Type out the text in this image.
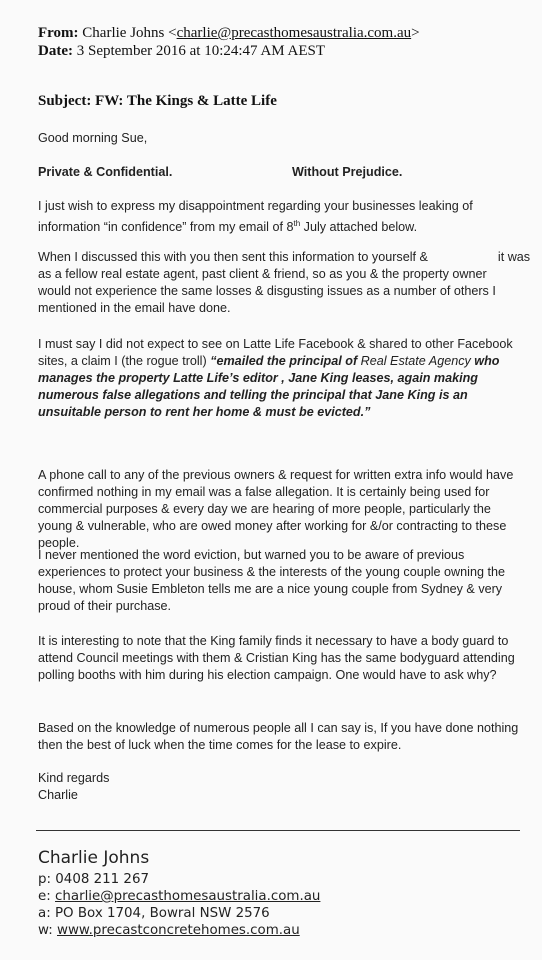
From: Charlie Johns <charlie@precasthomesaustralia.com.au>
Date: 3 September 2016 at 10:24:47 AM AEST
Subject: FW: The Kings & Latte Life
Good morning Sue,
Private & Confidential.	Without Prejudice.
I just wish to express my disappointment regarding your businesses leaking of
information “in confidence” from my email of 8th July attached below.
When I discussed this with you then sent this information to yourself &	it was
as a fellow real estate agent, past client & friend, so as you & the property owner would not experience the same losses & disgusting issues as a number of others I mentioned in the email have done.
I must say I did not expect to see on Latte Life Facebook & shared to other Facebook sites, a claim I (the rogue troll) “emailed the principal of Real Estate Agency who manages the property Latte Life’s editor , Jane King leases, again making numerous false allegations and telling the principal that Jane King is an unsuitable person to rent her home & must be evicted.”

A phone call to any of the previous owners & request for written extra info would have confirmed nothing in my email was a false allegation. It is certainly being used for commercial purposes & every day we are hearing of more people, particularly the young & vulnerable, who are owed money after working for &/or contracting to these people.

I never mentioned the word eviction, but warned you to be aware of previous experiences to protect your business & the interests of the young couple owning the house, whom Susie Embleton tells me are a nice young couple from Sydney & very proud of their purchase.

It is interesting to note that the King family finds it necessary to have a body guard to attend Council meetings with them & Cristian King has the same bodyguard attending polling booths with him during his election campaign. One would have to ask why?

Based on the knowledge of numerous people all I can say is, If you have done nothing then the best of luck when the time comes for the lease to expire.

Kind regards
Charlie
Charlie Johns
p: 0408 211 267
e: charlie@precasthomesaustralia.com.au
a: PO Box 1704, Bowral NSW 2576
w: www.precastconcretehomes.com.au
